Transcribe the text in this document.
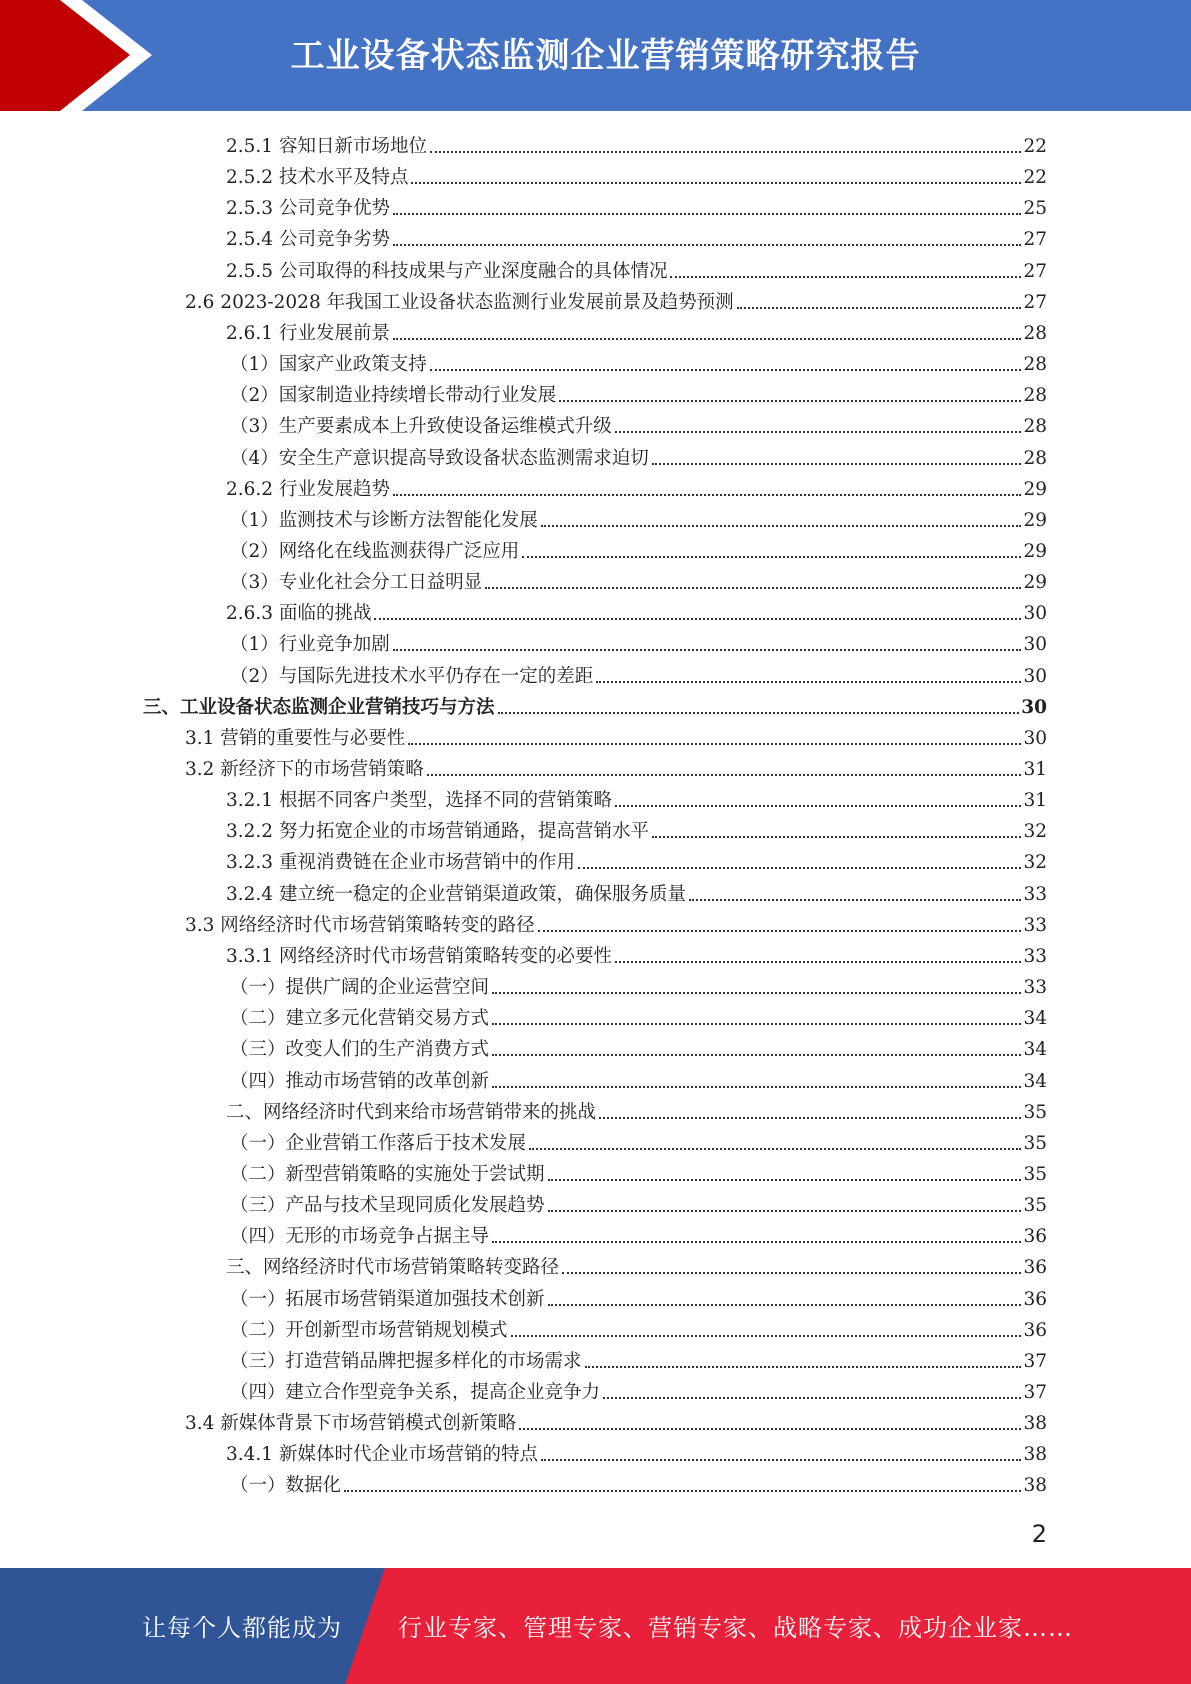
工业设备状态监测企业营销策略研究报告
2.5.1 容知日新市场地位	22
2.5.2 技术水平及特点	22
2.5.3 公司竞争优势	25
2.5.4 公司竞争劣势	27
2.5.5 公司取得的科技成果与产业深度融合的具体情况	27
2.6 2023-2028 年我国工业设备状态监测行业发展前景及趋势预测	27
2.6.1 行业发展前景	28
（1）国家产业政策支持	28
（2）国家制造业持续增长带动行业发展	28
（3）生产要素成本上升致使设备运维模式升级	28
（4）安全生产意识提高导致设备状态监测需求迫切	28
2.6.2 行业发展趋势	29
（1）监测技术与诊断方法智能化发展	29
（2）网络化在线监测获得广泛应用	29
（3）专业化社会分工日益明显	29
2.6.3 面临的挑战	30
（1）行业竞争加剧	30
（2）与国际先进技术水平仍存在一定的差距	30
三、工业设备状态监测企业营销技巧与方法	30
3.1 营销的重要性与必要性	30
3.2 新经济下的市场营销策略	31
3.2.1 根据不同客户类型，选择不同的营销策略	31
3.2.2 努力拓宽企业的市场营销通路，提高营销水平	32
3.2.3 重视消费链在企业市场营销中的作用	32
3.2.4 建立统一稳定的企业营销渠道政策，确保服务质量	33
3.3 网络经济时代市场营销策略转变的路径	33
3.3.1 网络经济时代市场营销策略转变的必要性	33
（一）提供广阔的企业运营空间	33
（二）建立多元化营销交易方式	34
（三）改变人们的生产消费方式	34
（四）推动市场营销的改革创新	34
二、网络经济时代到来给市场营销带来的挑战	35
（一）企业营销工作落后于技术发展	35
（二）新型营销策略的实施处于尝试期	35
（三）产品与技术呈现同质化发展趋势	35
（四）无形的市场竞争占据主导	36
三、网络经济时代市场营销策略转变路径	36
（一）拓展市场营销渠道加强技术创新	36
（二）开创新型市场营销规划模式	36
（三）打造营销品牌把握多样化的市场需求	37
（四）建立合作型竞争关系，提高企业竞争力	37
3.4 新媒体背景下市场营销模式创新策略	38
3.4.1 新媒体时代企业市场营销的特点	38
（一）数据化	38
2
让每个人都能成为 行业专家、管理专家、营销专家、战略专家、成功企业家……
